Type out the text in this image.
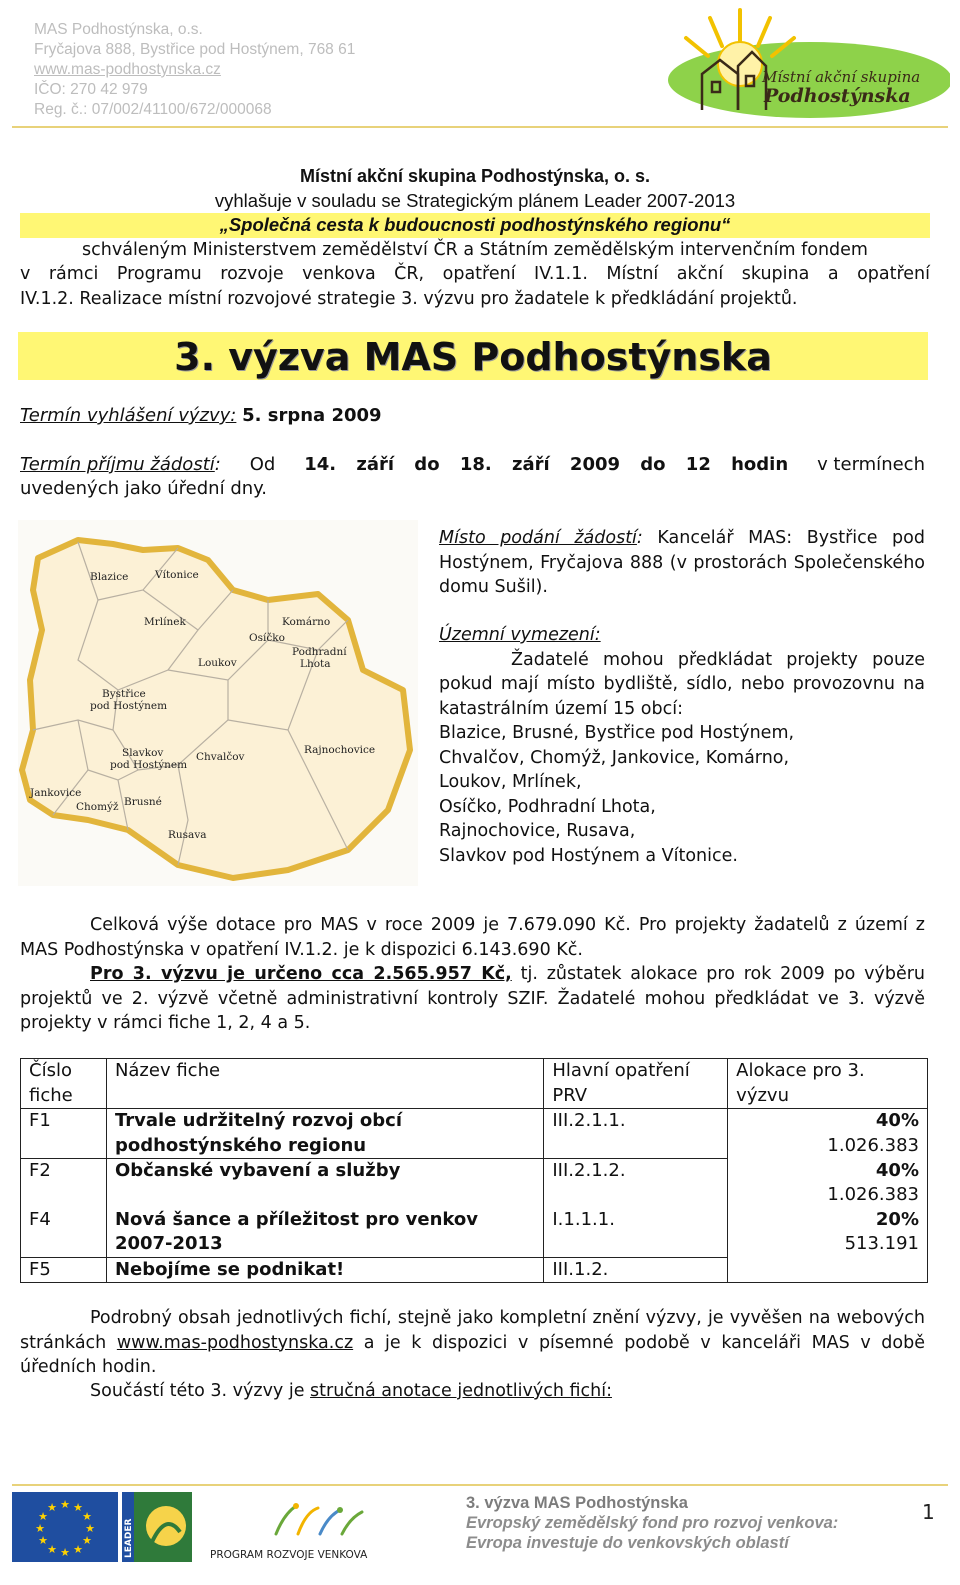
MAS Podhostýnska, o.s.
Fryčajova 888, Bystřice pod Hostýnem, 768 61
www.mas-podhostynska.cz
IČO: 270 42 979
Reg. č.: 07/002/41100/672/000068
Místní akční skupina
Podhostýnska
Místní akční skupina Podhostýnska, o. s.
vyhlašuje v souladu se Strategickým plánem Leader 2007-2013
„Společná cesta k budoucnosti podhostýnského regionu“
schváleným Ministerstvem zemědělství ČR a Státním zemědělským intervenčním fondem
v rámci Programu rozvoje venkova ČR, opatření IV.1.1. Místní akční skupina a opatření
IV.1.2. Realizace místní rozvojové strategie 3. výzvu pro žadatele k předkládání projektů.
3. výzva MAS Podhostýnska
Termín vyhlášení výzvy: 5. srpna 2009
Termín příjmu žádostí: Od 14. září do 18. září 2009 do 12 hodin v termínech
uvedených jako úřední dny.
Blazice	Vítonice
Mrlínek	Komárno
Osíčko
Podhradní
Lhota
Loukov
Bystřice
pod Hostýnem
Slavkov
pod Hostýnem
Chvalčov
Rajnochovice
Jankovice
Chomýž Brusné
Rusava
Místo podání žádostí: Kancelář MAS: Bystřice pod Hostýnem, Fryčajova 888 (v prostorách Společenského domu Sušil).
Územní vymezení:
Žadatelé mohou předkládat projekty pouze pokud mají místo bydliště, sídlo, nebo provozovnu na katastrálním území 15 obcí:
Blazice, Brusné, Bystřice pod Hostýnem,
Chvalčov, Chomýž, Jankovice, Komárno,
Loukov, Mrlínek,
Osíčko, Podhradní Lhota,
Rajnochovice, Rusava,
Slavkov pod Hostýnem a Vítonice.
Celková výše dotace pro MAS v roce 2009 je 7.679.090 Kč. Pro projekty žadatelů z území z MAS Podhostýnska v opatření IV.1.2. je k dispozici 6.143.690 Kč.
Pro 3. výzvu je určeno cca 2.565.957 Kč, tj. zůstatek alokace pro rok 2009 po výběru projektů ve 2. výzvě včetně administrativní kontroly SZIF. Žadatelé mohou předkládat ve 3. výzvě projekty v rámci fiche 1, 2, 4 a 5.
Číslo fiche	Název fiche	Hlavní opatření PRV	Alokace pro 3. výzvu
F1	Trvale udržitelný rozvoj obcí podhostýnského regionu	III.2.1.1.	40%
1.026.383

F2	Občanské vybavení a služby	III.2.1.2.	40%
1.026.383

F4	Nová šance a příležitost pro venkov 2007-2013	I.1.1.1.	20%
513.191

F5	Nebojíme se podnikat!	III.1.2.	
Podrobný obsah jednotlivých fichí, stejně jako kompletní znění výzvy, je vyvěšen na webových stránkách www.mas-podhostynska.cz a je k dispozici v písemné podobě v kanceláři MAS v době úředních hodin.
Součástí této 3. výzvy je stručná anotace jednotlivých fichí:
★ ★
★
★
★
★
★
★
★
★
★
★
LEADER	PROGRAM ROZVOJE VENKOVA
3. výzva MAS Podhostýnska
Evropský zemědělský fond pro rozvoj venkova:
Evropa investuje do venkovských oblastí
1
